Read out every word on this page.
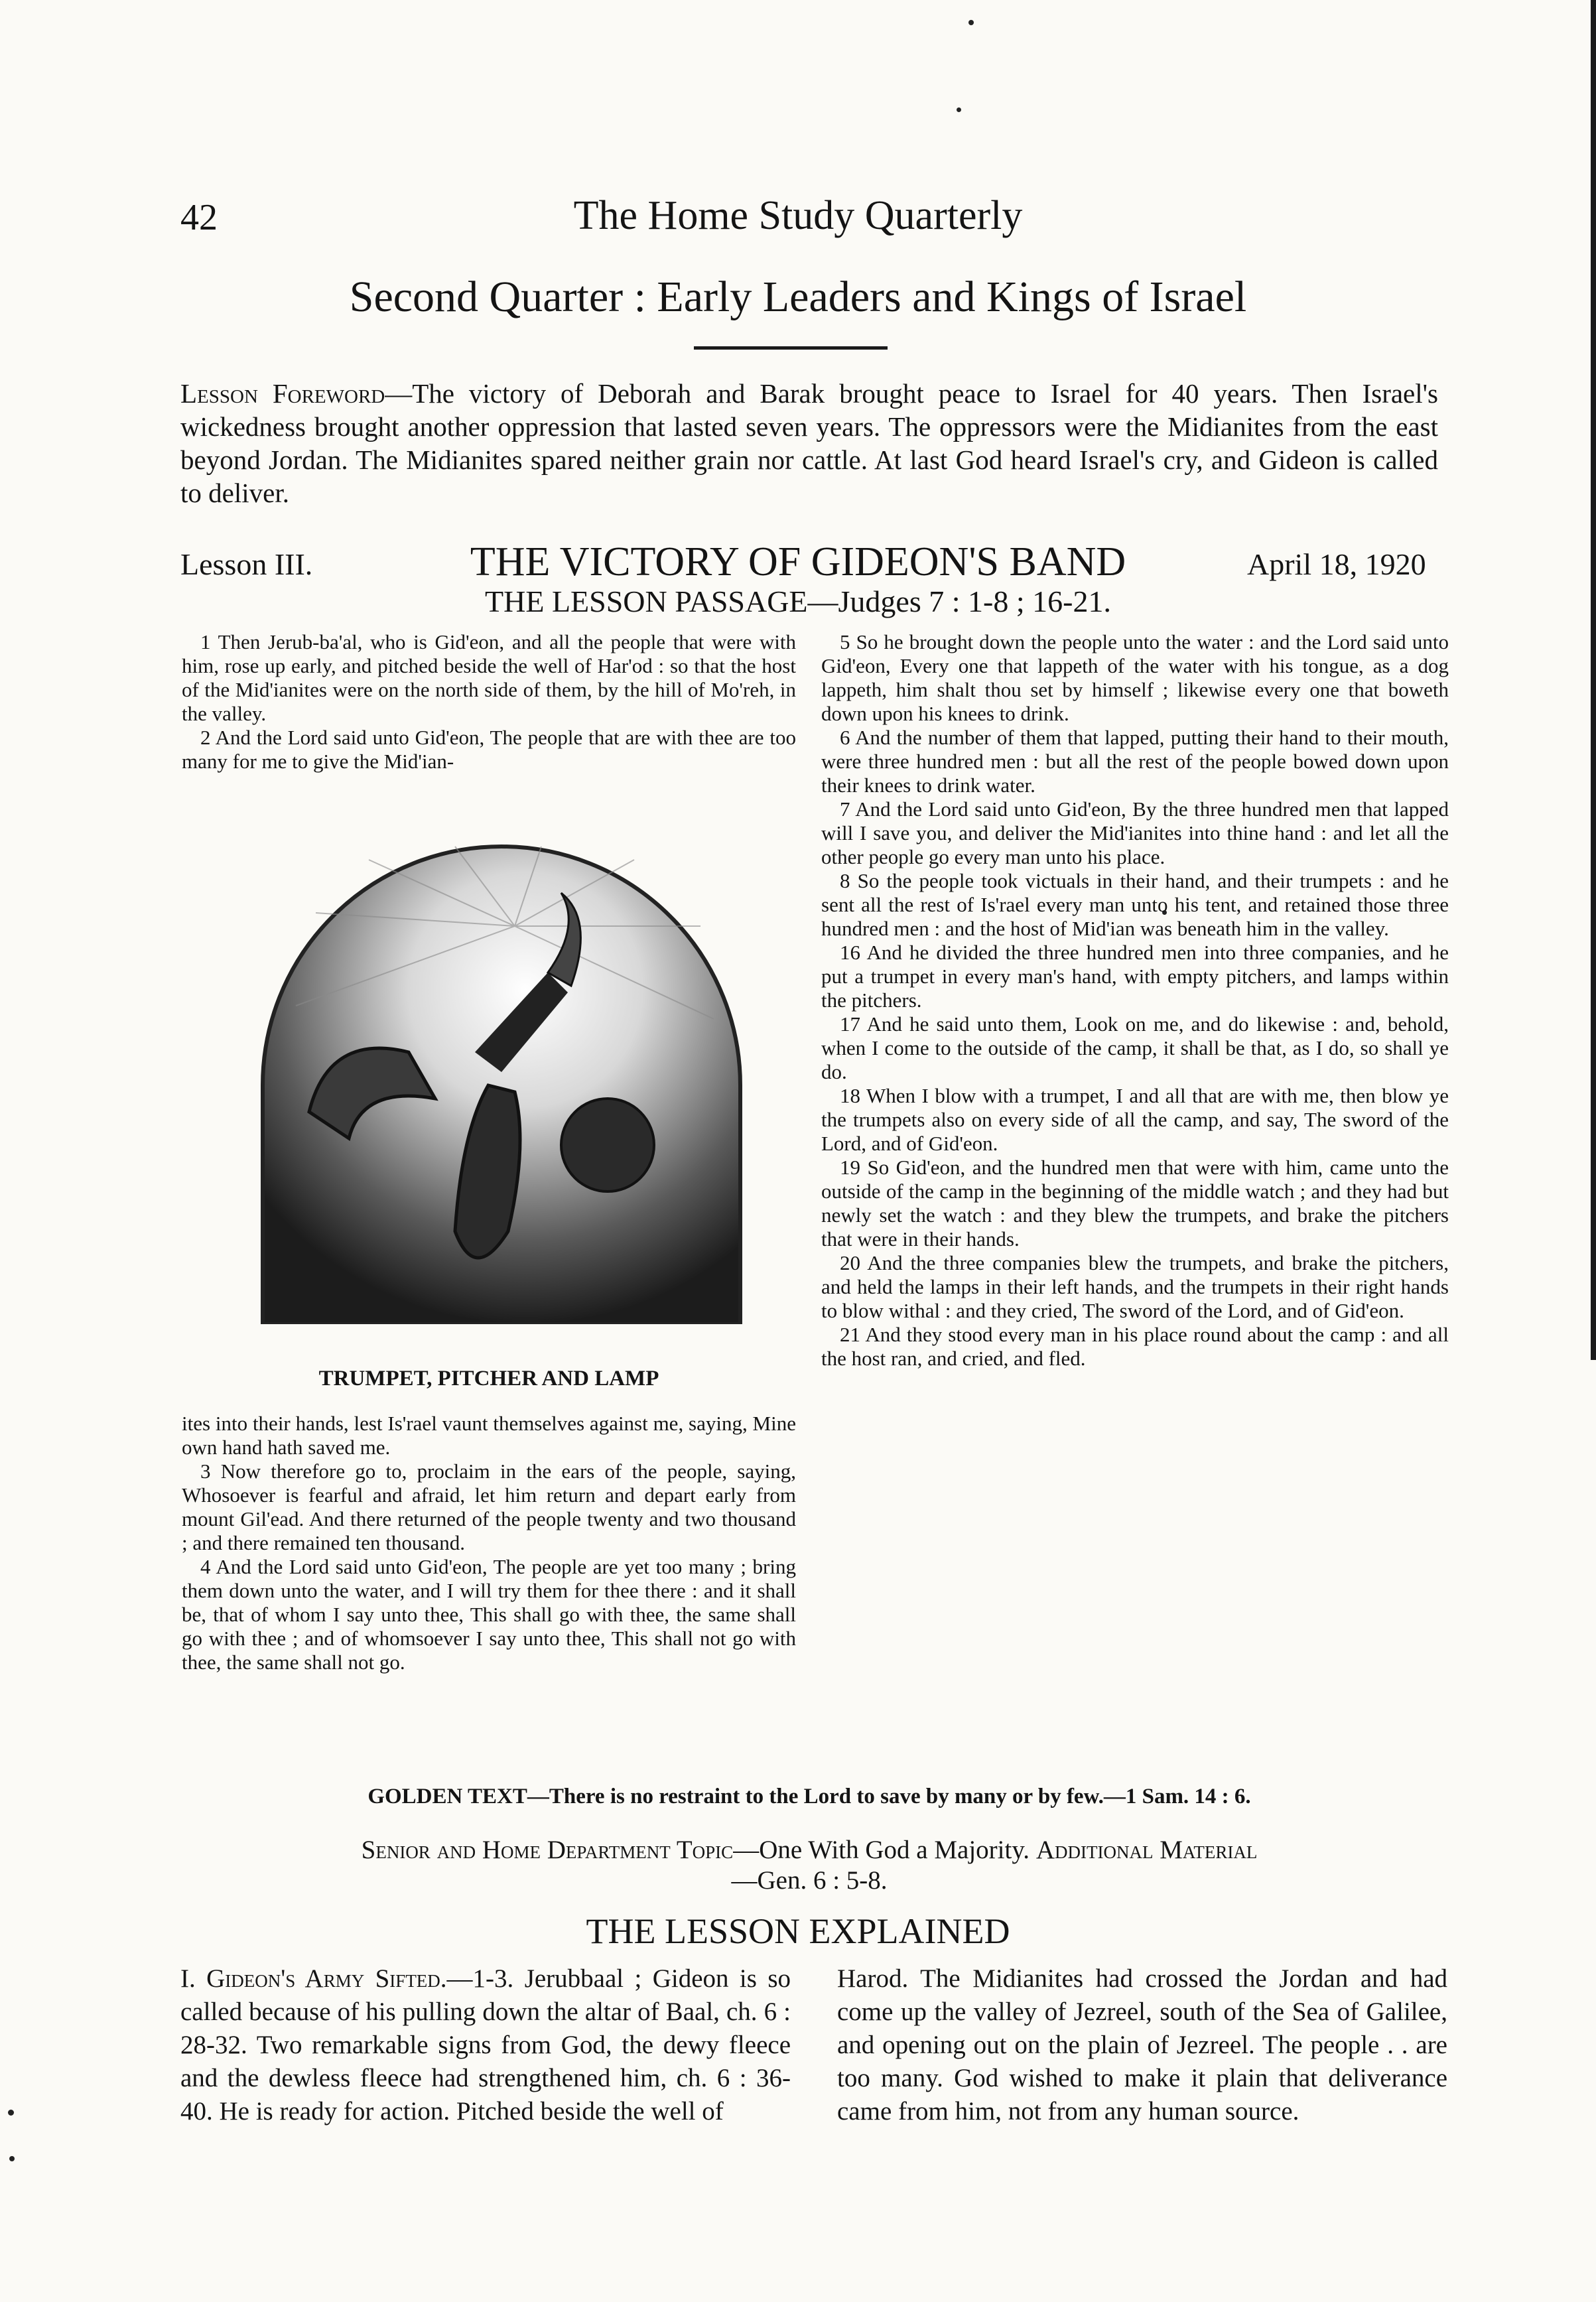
42	The Home Study Quarterly
Second Quarter : Early Leaders and Kings of Israel
Lesson Foreword—The victory of Deborah and Barak brought peace to Israel for 40 years. Then Israel's wickedness brought another oppression that lasted seven years. The oppressors were the Midianites from the east beyond Jordan. The Midianites spared neither grain nor cattle. At last God heard Israel's cry, and Gideon is called to deliver.
Lesson III.	THE VICTORY OF GIDEON'S BAND	April 18, 1920
THE LESSON PASSAGE—Judges 7 : 1-8 ; 16-21.

1 Then Jerub-ba'al, who is Gid'eon, and all the people that were with him, rose up early, and pitched beside the well of Har'od : so that the host of the Mid'ianites were on the north side of them, by the hill of Mo'reh, in the valley.

2 And the Lord said unto Gid'eon, The people that are with thee are too many for me to give the Mid'ian-

TRUMPET, PITCHER AND LAMP

ites into their hands, lest Is'rael vaunt themselves against me, saying, Mine own hand hath saved me.

3 Now therefore go to, proclaim in the ears of the people, saying, Whosoever is fearful and afraid, let him return and depart early from mount Gil'ead. And there returned of the people twenty and two thousand ; and there remained ten thousand.

4 And the Lord said unto Gid'eon, The people are yet too many ; bring them down unto the water, and I will try them for thee there : and it shall be, that of whom I say unto thee, This shall go with thee, the same shall go with thee ; and of whomsoever I say unto thee, This shall not go with thee, the same shall not go.

5 So he brought down the people unto the water : and the Lord said unto Gid'eon, Every one that lappeth of the water with his tongue, as a dog lappeth, him shalt thou set by himself ; likewise every one that boweth down upon his knees to drink.

6 And the number of them that lapped, putting their hand to their mouth, were three hundred men : but all the rest of the people bowed down upon their knees to drink water.

7 And the Lord said unto Gid'eon, By the three hundred men that lapped will I save you, and deliver the Mid'ianites into thine hand : and let all the other people go every man unto his place.

8 So the people took victuals in their hand, and their trumpets : and he sent all the rest of Is'rael every man unto his tent, and retained those three hundred men : and the host of Mid'ian was beneath him in the valley.

16 And he divided the three hundred men into three companies, and he put a trumpet in every man's hand, with empty pitchers, and lamps within the pitchers.

17 And he said unto them, Look on me, and do likewise : and, behold, when I come to the outside of the camp, it shall be that, as I do, so shall ye do.

18 When I blow with a trumpet, I and all that are with me, then blow ye the trumpets also on every side of all the camp, and say, The sword of the Lord, and of Gid'eon.

19 So Gid'eon, and the hundred men that were with him, came unto the outside of the camp in the beginning of the middle watch ; and they had but newly set the watch : and they blew the trumpets, and brake the pitchers that were in their hands.

20 And the three companies blew the trumpets, and brake the pitchers, and held the lamps in their left hands, and the trumpets in their right hands to blow withal : and they cried, The sword of the Lord, and of Gid'eon.

21 And they stood every man in his place round about the camp : and all the host ran, and cried, and fled.

GOLDEN TEXT—There is no restraint to the Lord to save by many or by few.—1 Sam. 14 : 6.
Senior and Home Department Topic—One With God a Majority. Additional Material
—Gen. 6 : 5-8.
THE LESSON EXPLAINED
I. Gideon's Army Sifted.—1-3. Jerubbaal ; Gideon is so called because of his pulling down the altar of Baal, ch. 6 : 28-32. Two remarkable signs from God, the dewy fleece and the dewless fleece had strengthened him, ch. 6 : 36-40. He is ready for action. Pitched beside the well of
Harod. The Midianites had crossed the Jordan and had come up the valley of Jezreel, south of the Sea of Galilee, and opening out on the plain of Jezreel. The people . . are too many. God wished to make it plain that deliverance came from him, not from any human source.
